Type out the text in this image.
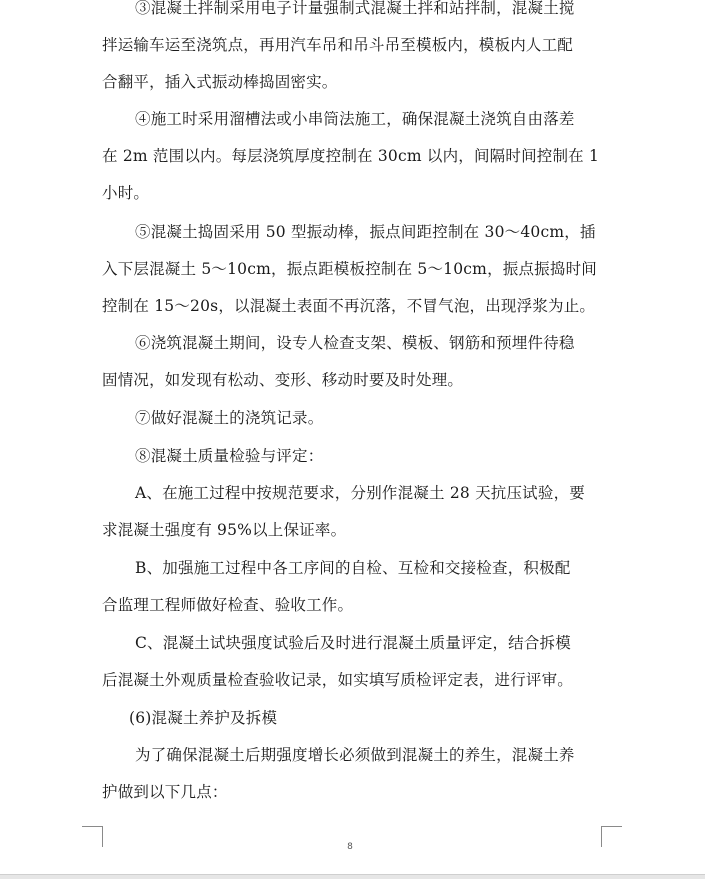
③混凝土拌制采用电子计量强制式混凝土拌和站拌制，混凝土搅
拌运输车运至浇筑点，再用汽车吊和吊斗吊至模板内，模板内人工配
合翻平，插入式振动棒捣固密实。
④施工时采用溜槽法或小串筒法施工，确保混凝土浇筑自由落差
在 2m 范围以内。每层浇筑厚度控制在 30cm 以内，间隔时间控制在 1
小时。
⑤混凝土捣固采用 50 型振动棒，振点间距控制在 30～40cm，插
入下层混凝土 5～10cm，振点距模板控制在 5～10cm，振点振捣时间
控制在 15～20s，以混凝土表面不再沉落，不冒气泡，出现浮浆为止。
⑥浇筑混凝土期间，设专人检查支架、模板、钢筋和预埋件待稳
固情况，如发现有松动、变形、移动时要及时处理。
⑦做好混凝土的浇筑记录。
⑧混凝土质量检验与评定：
A、在施工过程中按规范要求，分别作混凝土 28 天抗压试验，要
求混凝土强度有 95%以上保证率。
B、加强施工过程中各工序间的自检、互检和交接检查，积极配
合监理工程师做好检查、验收工作。
C、混凝土试块强度试验后及时进行混凝土质量评定，结合拆模
后混凝土外观质量检查验收记录，如实填写质检评定表，进行评审。
(6)混凝土养护及拆模
为了确保混凝土后期强度增长必须做到混凝土的养生，混凝土养
护做到以下几点：
8
